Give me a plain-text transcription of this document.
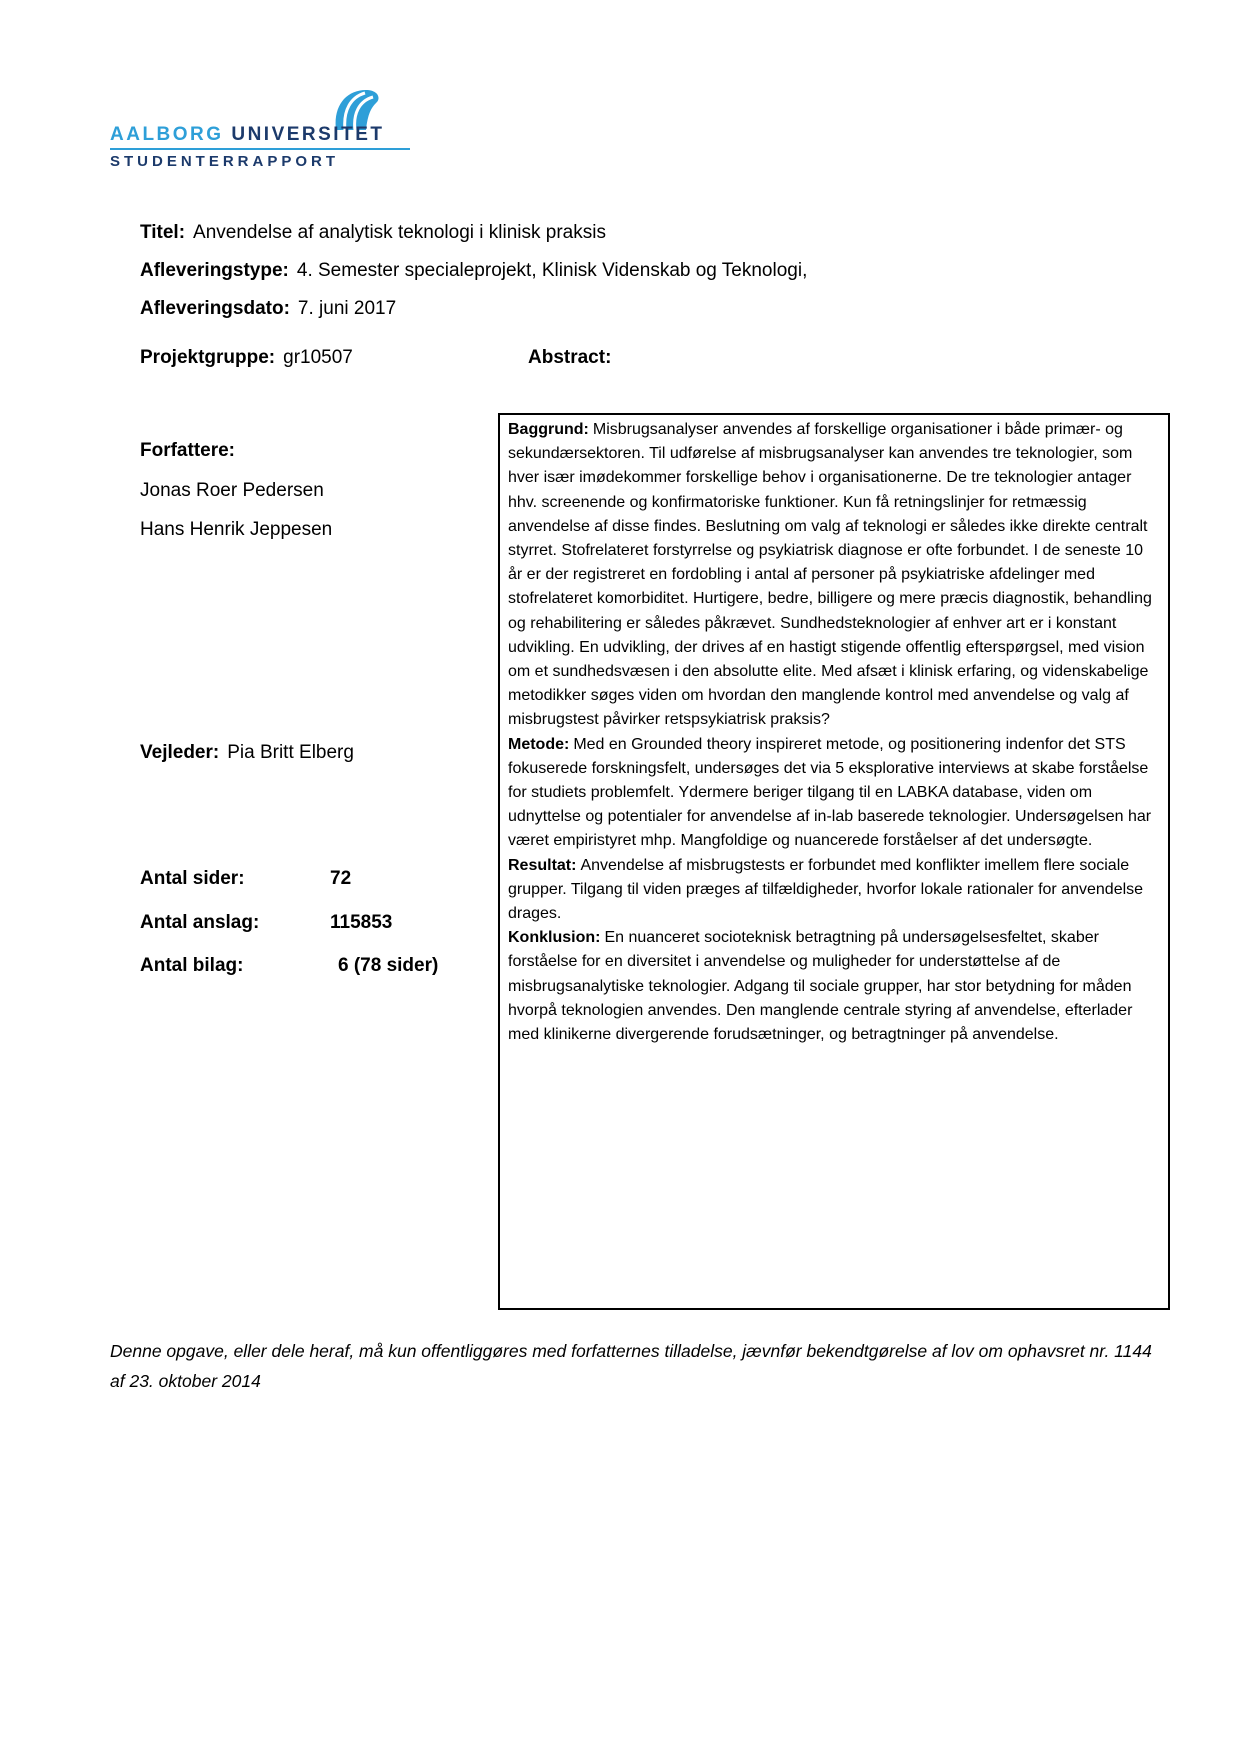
AALBORG UNIVERSITET
STUDENTERRAPPORT
Titel: Anvendelse af analytisk teknologi i klinisk praksis
Afleveringstype: 4. Semester specialeprojekt, Klinisk Videnskab og Teknologi,
Afleveringsdato: 7. juni 2017
Projektgruppe: gr10507	Abstract:

Baggrund: Misbrugsanalyser anvendes af forskellige organisationer i både primær- og sekundærsektoren. Til udførelse af misbrugsanalyser kan anvendes tre teknologier, som hver især imødekommer forskellige behov i organisationerne. De tre teknologier antager hhv. screenende og konfirmatoriske funktioner. Kun få retningslinjer for retmæssig anvendelse af disse findes. Beslutning om valg af teknologi er således ikke direkte centralt styrret. Stofrelateret forstyrrelse og psykiatrisk diagnose er ofte forbundet. I de seneste 10 år er der registreret en fordobling i antal af personer på psykiatriske afdelinger med stofrelateret komorbiditet. Hurtigere, bedre, billigere og mere præcis diagnostik, behandling og rehabilitering er således påkrævet. Sundhedsteknologier af enhver art er i konstant udvikling. En udvikling, der drives af en hastigt stigende offentlig efterspørgsel, med vision om et sundhedsvæsen i den absolutte elite. Med afsæt i klinisk erfaring, og videnskabelige metodikker søges viden om hvordan den manglende kontrol med anvendelse og valg af misbrugstest påvirker retspsykiatrisk praksis?

Metode: Med en Grounded theory inspireret metode, og positionering indenfor det STS fokuserede forskningsfelt, undersøges det via 5 eksplorative interviews at skabe forståelse for studiets problemfelt. Ydermere beriger tilgang til en LABKA database, viden om udnyttelse og potentialer for anvendelse af in-lab baserede teknologier. Undersøgelsen har været empiristyret mhp. Mangfoldige og nuancerede forståelser af det undersøgte.

Resultat: Anvendelse af misbrugstests er forbundet med konflikter imellem flere sociale grupper. Tilgang til viden præges af tilfældigheder, hvorfor lokale rationaler for anvendelse drages.

Konklusion: En nuanceret socioteknisk betragtning på undersøgelsesfeltet, skaber forståelse for en diversitet i anvendelse og muligheder for understøttelse af de misbrugsanalytiske teknologier. Adgang til sociale grupper, har stor betydning for måden hvorpå teknologien anvendes. Den manglende centrale styring af anvendelse, efterlader med klinikerne divergerende forudsætninger, og betragtninger på anvendelse.

Forfattere:
Jonas Roer Pedersen
Hans Henrik Jeppesen
Vejleder: Pia Britt Elberg
Antal sider:	72
Antal anslag:	115853
Antal bilag:	6 (78 sider)
Denne opgave, eller dele heraf, må kun offentliggøres med forfatternes tilladelse, jævnfør bekendtgørelse af lov om ophavsret nr. 1144 af 23. oktober 2014
